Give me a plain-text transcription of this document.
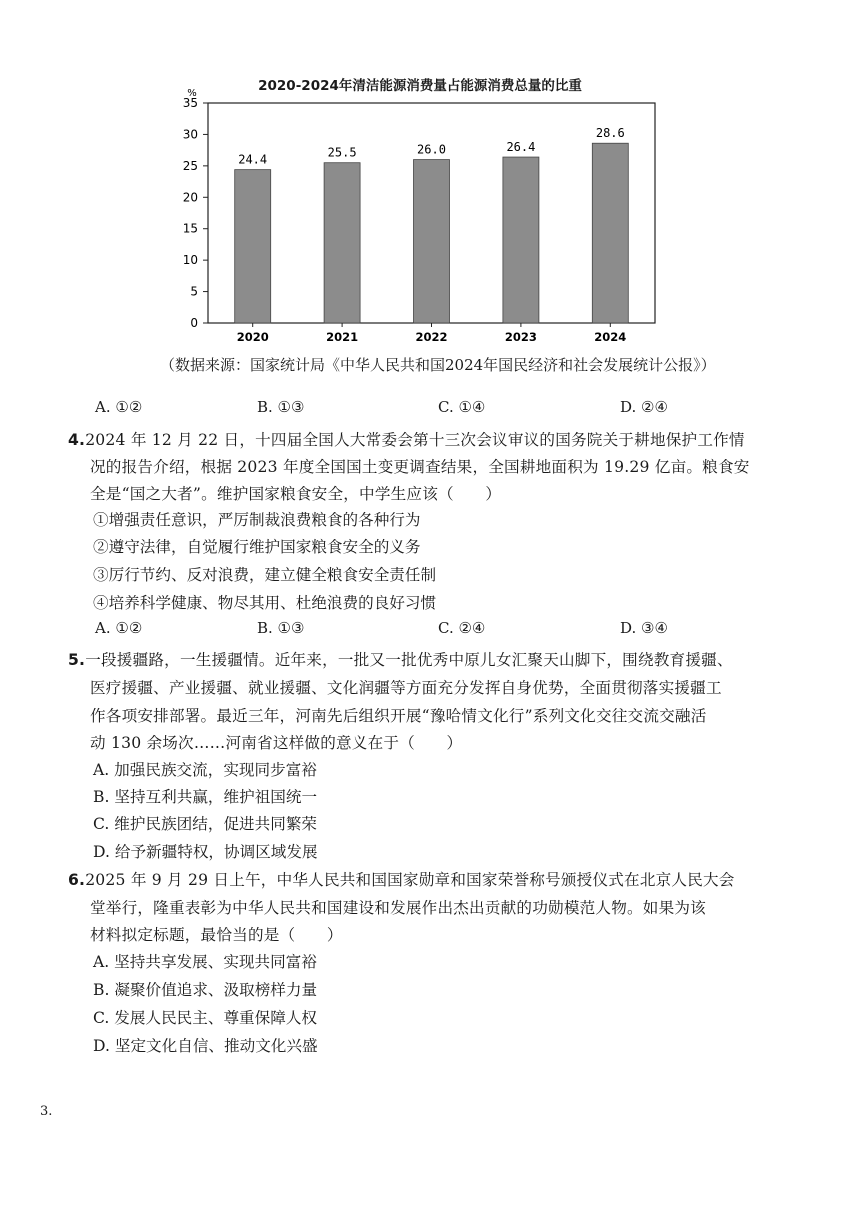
0
5
10
15
20
25
30
35
24.4	25.5	26.0	26.4
28.6
2020	2021	2022	2023	2024
%	2020-2024年清洁能源消费量占能源消费总量的比重
（数据来源：国家统计局《中华人民共和国2024年国民经济和社会发展统计公报》）
A. ①②	B. ①③	C. ①④	D. ②④
4.2024 年 12 月 22 日，十四届全国人大常委会第十三次会议审议的国务院关于耕地保护工作情
况的报告介绍，根据 2023 年度全国国土变更调查结果，全国耕地面积为 19.29 亿亩。粮食安
全是“国之大者”。维护国家粮食安全，中学生应该（　　）
①增强责任意识，严厉制裁浪费粮食的各种行为
②遵守法律，自觉履行维护国家粮食安全的义务
③厉行节约、反对浪费，建立健全粮食安全责任制
④培养科学健康、物尽其用、杜绝浪费的良好习惯
A. ①②	B. ①③	C. ②④	D. ③④
5.一段援疆路，一生援疆情。近年来，一批又一批优秀中原儿女汇聚天山脚下，围绕教育援疆、
医疗援疆、产业援疆、就业援疆、文化润疆等方面充分发挥自身优势，全面贯彻落实援疆工
作各项安排部署。最近三年，河南先后组织开展“豫哈情文化行”系列文化交往交流交融活
动 130 余场次……河南省这样做的意义在于（　　）
A. 加强民族交流，实现同步富裕
B. 坚持互利共赢，维护祖国统一
C. 维护民族团结，促进共同繁荣
D. 给予新疆特权，协调区域发展
6.2025 年 9 月 29 日上午，中华人民共和国国家勋章和国家荣誉称号颁授仪式在北京人民大会
堂举行，隆重表彰为中华人民共和国建设和发展作出杰出贡献的功勋模范人物。如果为该
材料拟定标题，最恰当的是（　　）
A. 坚持共享发展、实现共同富裕
B. 凝聚价值追求、汲取榜样力量
C. 发展人民民主、尊重保障人权
D. 坚定文化自信、推动文化兴盛
3.
